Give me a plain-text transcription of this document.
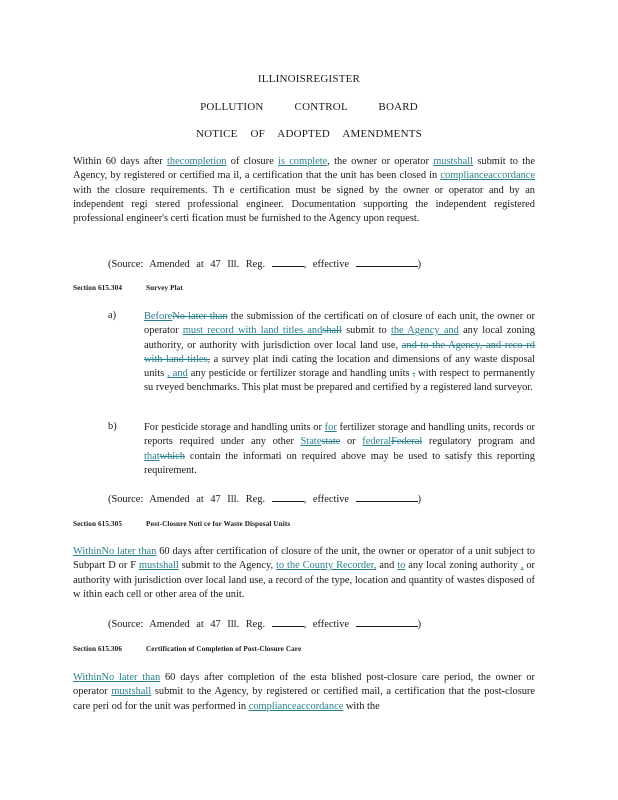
ILLINOISREGISTER
POLLUTION CONTROL BOARD
NOTICE OF ADOPTED AMENDMENTS
Within 60 days after thecompletion of closure is complete, the owner or operator mustshall submit to the Agency, by registered or certified ma il, a certification that the unit has been closed in complianceaccordance with the closure requirements. Th e certification must be signed by the owner or operator and by an independent regi stered professional engineer. Documentation supporting the independent registered professional engineer's certi fication must be furnished to the Agency upon request.
(Source: Amended at 47 Ill. Reg.	, effective	)
Section 615.304	Survey Plat
a)	BeforeNo later than the submission of the certificati on of closure of each unit, the owner or operator must record with land titles andshall submit to the Agency and any local zoning authority, or authority with jurisdiction over local land use, and to the Agency, and reco rd with land titles, a survey plat indi cating the location and dimensions of any waste disposal units , and any pesticide or fertilizer storage and handling units , with respect to permanently su rveyed benchmarks. This plat must be prepared and certified by a registered land surveyor.
b)	For pesticide storage and handling units or for fertilizer storage and handling units, records or reports required under any other Statestate or federalFederal regulatory program and thatwhich contain the informati on required above may be used to satisfy this reporting requirement.
(Source: Amended at 47 Ill. Reg.	, effective	)
Section 615.305	Post-Closure Noti ce for Waste Disposal Units
WithinNo later than 60 days after certification of closure of the unit, the owner or operator of a unit subject to Subpart D or F mustshall submit to the Agency, to the County Recorder, and to any local zoning authority , or authority with jurisdiction over local land use, a record of the type, location and quantity of wastes disposed of w ithin each cell or other area of the unit.
(Source: Amended at 47 Ill. Reg.	, effective	)
Section 615.306	Certification of Completion of Post-Closure Care
WithinNo later than 60 days after completion of the esta blished post-closure care period, the owner or operator mustshall submit to the Agency, by registered or certified mail, a certification that the post-closure care peri od for the unit was performed in complianceaccordance with the
